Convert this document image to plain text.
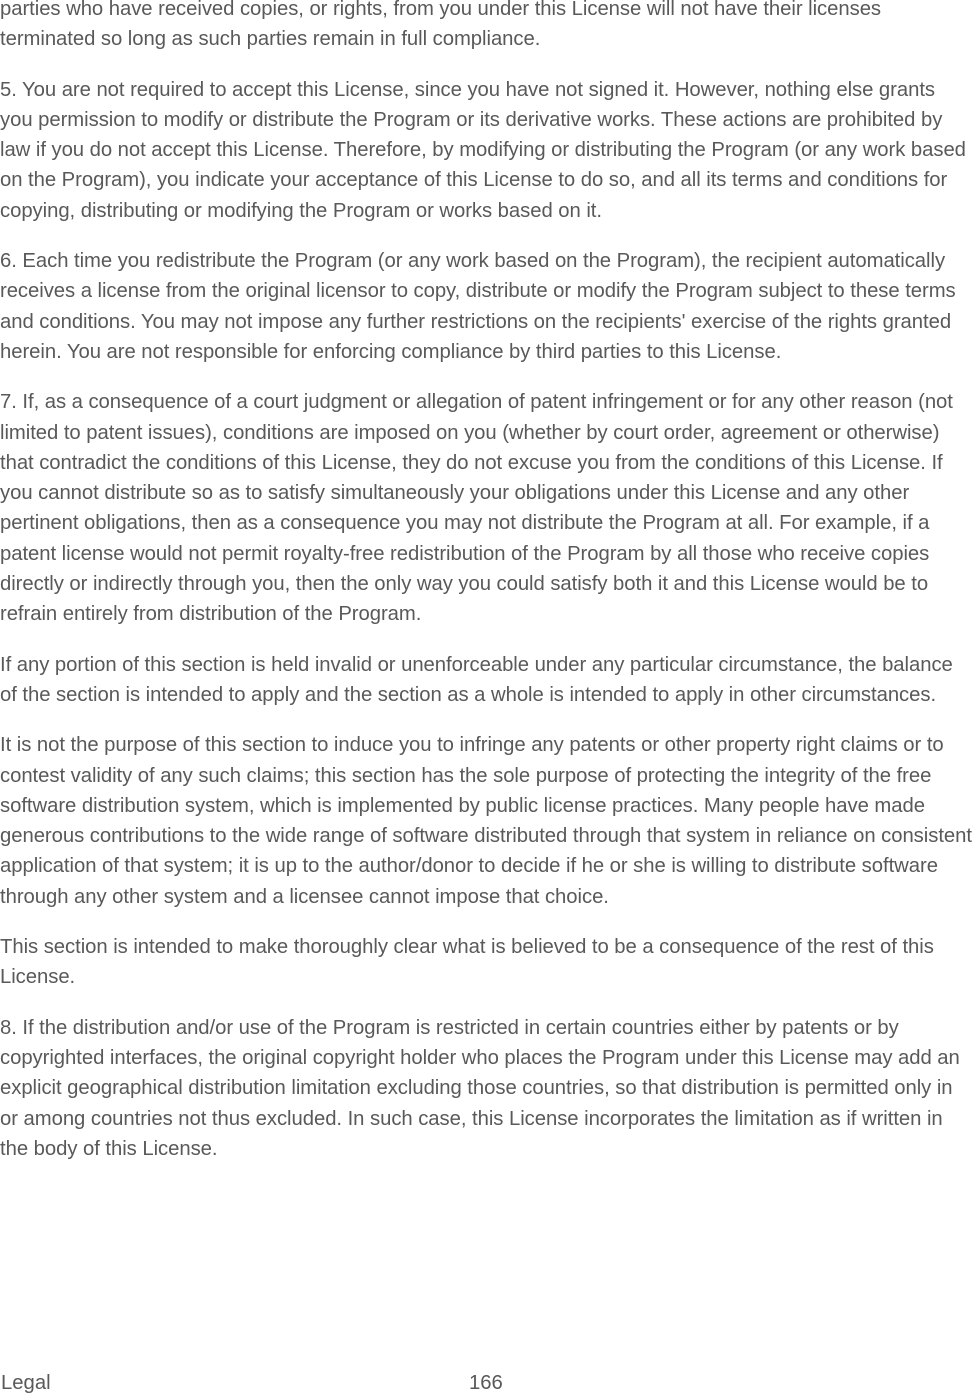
parties who have received copies, or rights, from you under this License will not have their licenses terminated so long as such parties remain in full compliance.

5. You are not required to accept this License, since you have not signed it. However, nothing else grants you permission to modify or distribute the Program or its derivative works. These actions are prohibited by law if you do not accept this License. Therefore, by modifying or distributing the Program (or any work based on the Program), you indicate your acceptance of this License to do so, and all its terms and conditions for copying, distributing or modifying the Program or works based on it.

6. Each time you redistribute the Program (or any work based on the Program), the recipient automatically receives a license from the original licensor to copy, distribute or modify the Program subject to these terms and conditions. You may not impose any further restrictions on the recipients' exercise of the rights granted herein. You are not responsible for enforcing compliance by third parties to this License.

7. If, as a consequence of a court judgment or allegation of patent infringement or for any other reason (not limited to patent issues), conditions are imposed on you (whether by court order, agreement or otherwise) that contradict the conditions of this License, they do not excuse you from the conditions of this License. If you cannot distribute so as to satisfy simultaneously your obligations under this License and any other pertinent obligations, then as a consequence you may not distribute the Program at all. For example, if a patent license would not permit royalty-free redistribution of the Program by all those who receive copies directly or indirectly through you, then the only way you could satisfy both it and this License would be to refrain entirely from distribution of the Program.

If any portion of this section is held invalid or unenforceable under any particular circumstance, the balance of the section is intended to apply and the section as a whole is intended to apply in other circumstances.

It is not the purpose of this section to induce you to infringe any patents or other property right claims or to contest validity of any such claims; this section has the sole purpose of protecting the integrity of the free software distribution system, which is implemented by public license practices. Many people have made generous contributions to the wide range of software distributed through that system in reliance on consistent application of that system; it is up to the author/donor to decide if he or she is willing to distribute software through any other system and a licensee cannot impose that choice.

This section is intended to make thoroughly clear what is believed to be a consequence of the rest of this License.

8. If the distribution and/or use of the Program is restricted in certain countries either by patents or by copyrighted interfaces, the original copyright holder who places the Program under this License may add an explicit geographical distribution limitation excluding those countries, so that distribution is permitted only in or among countries not thus excluded. In such case, this License incorporates the limitation as if written in the body of this License.

Legal	166
